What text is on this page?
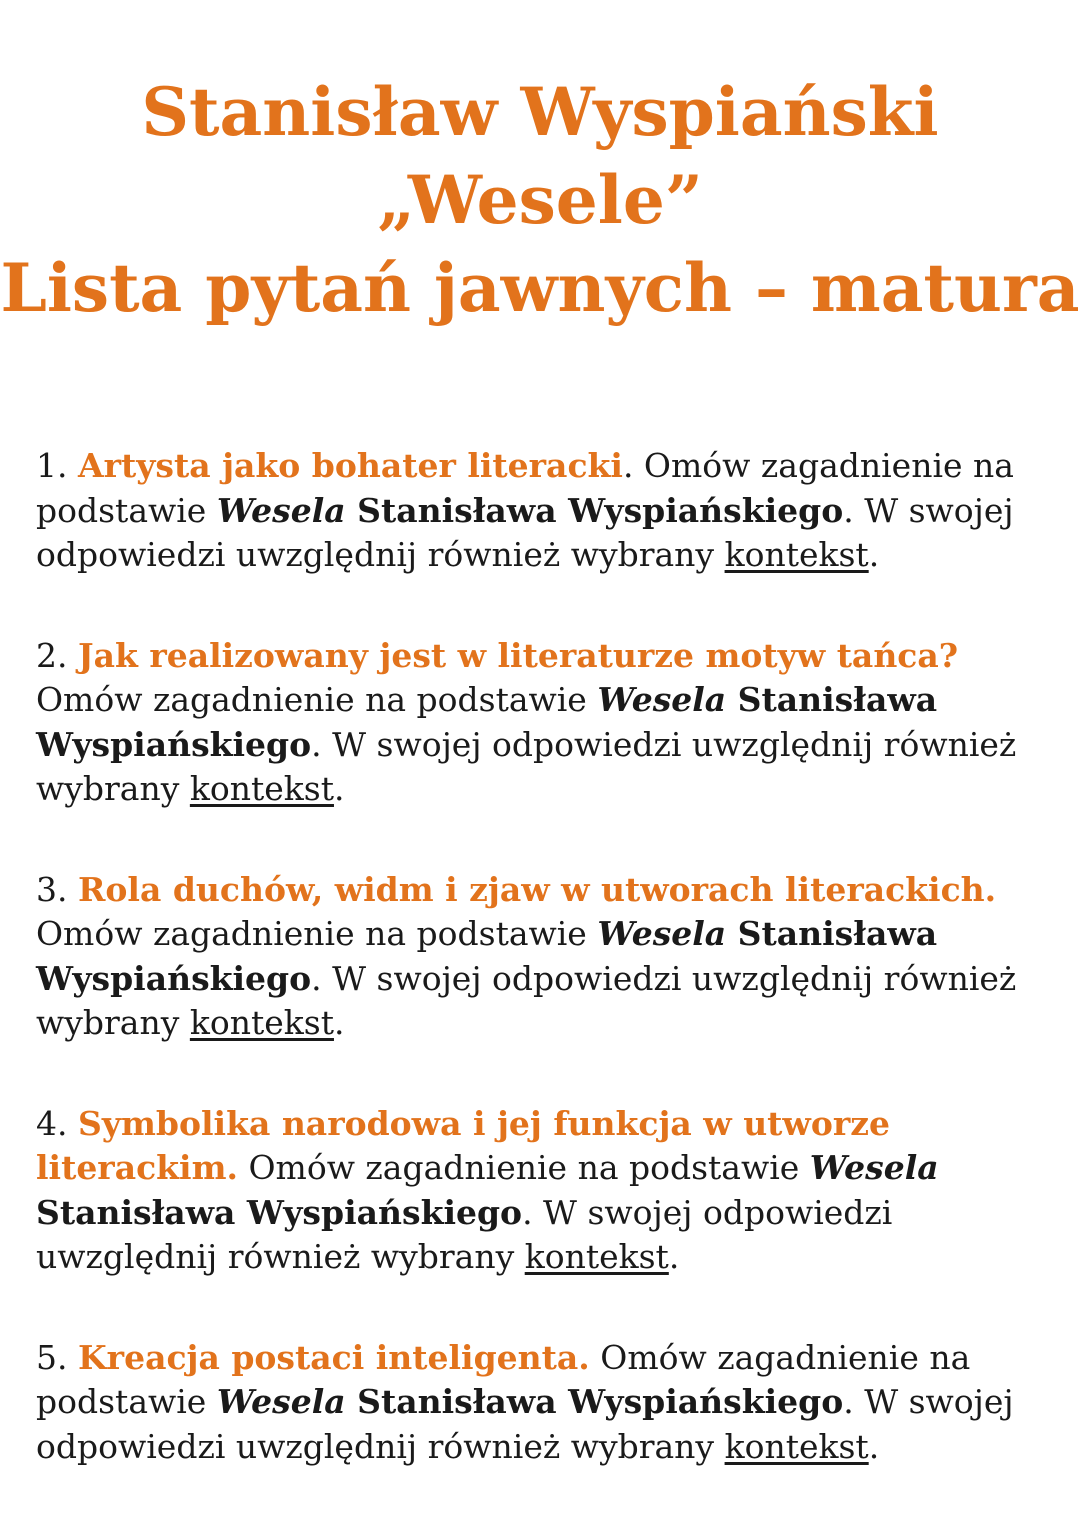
Stanisław Wyspiański
„Wesele”
Lista pytań jawnych – matura

1. Artysta jako bohater literacki. Omów zagadnienie na podstawie Wesela Stanisława Wyspiańskiego. W swojej odpowiedzi uwzględnij również wybrany kontekst.

2. Jak realizowany jest w literaturze motyw tańca? Omów zagadnienie na podstawie Wesela Stanisława Wyspiańskiego. W swojej odpowiedzi uwzględnij również wybrany kontekst.

3. Rola duchów, widm i zjaw w utworach literackich. Omów zagadnienie na podstawie Wesela Stanisława Wyspiańskiego. W swojej odpowiedzi uwzględnij również wybrany kontekst.

4. Symbolika narodowa i jej funkcja w utworze literackim. Omów zagadnienie na podstawie Wesela Stanisława Wyspiańskiego. W swojej odpowiedzi uwzględnij również wybrany kontekst.

5. Kreacja postaci inteligenta. Omów zagadnienie na podstawie Wesela Stanisława Wyspiańskiego. W swojej odpowiedzi uwzględnij również wybrany kontekst.
